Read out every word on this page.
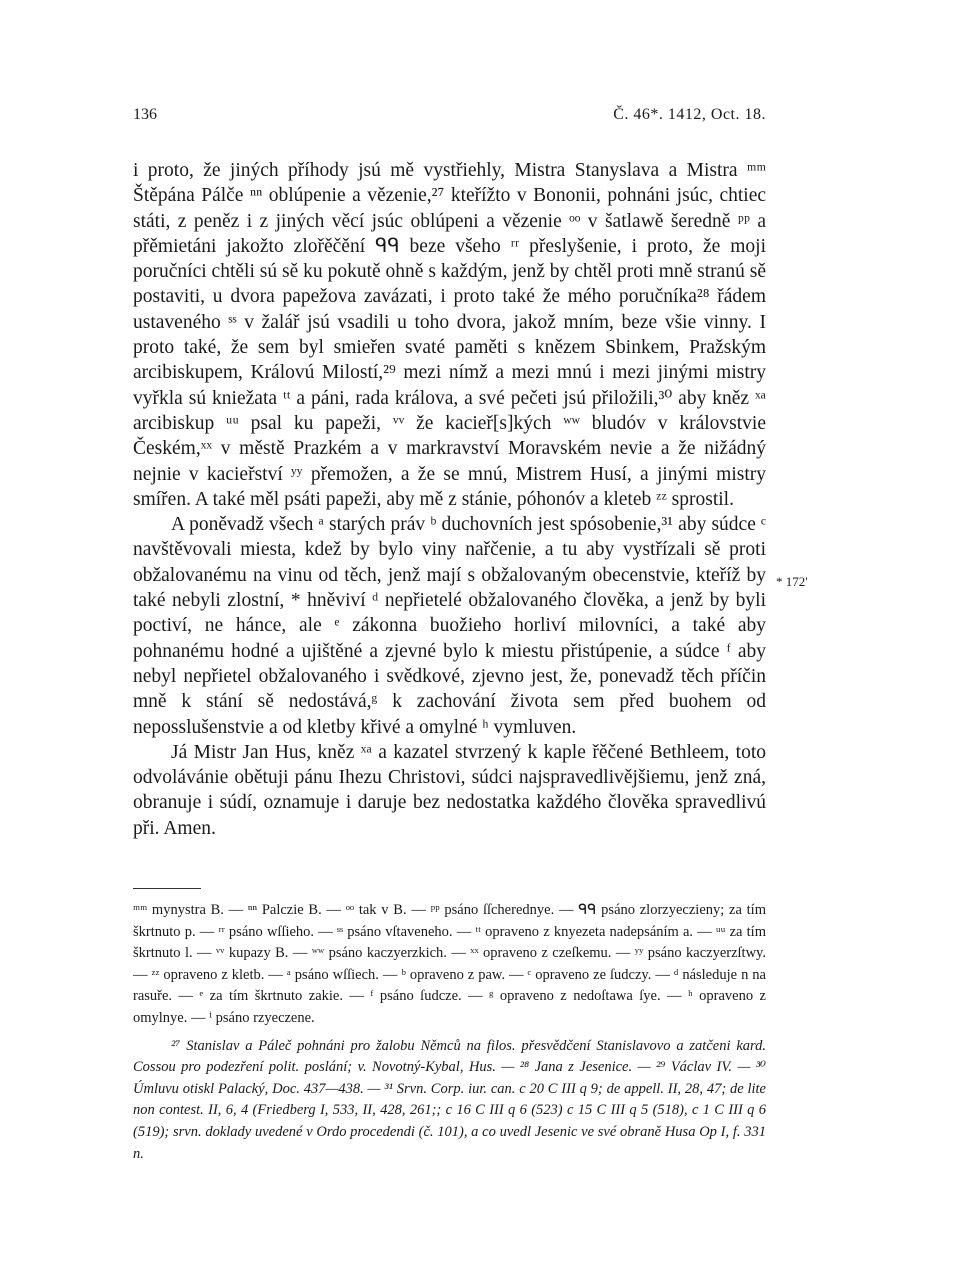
136	Č. 46*. 1412, Oct. 18.

i proto, že jiných příhody jsú mě vystřiehly, Mistra Stanyslava a Mistra ᵐᵐ Štěpána Pálče ⁿⁿ oblúpenie a vězenie,²⁷ kteřížto v Bononii, pohnáni jsúc, chtiec státi, z peněz i z jiných věcí jsúc oblúpeni a vězenie ᵒᵒ v šatlawě šeredně ᵖᵖ a přěmietáni jakožto zlořěčění ᑫᑫ beze všeho ʳʳ přeslyšenie, i proto, že moji poručníci chtěli sú sě ku pokutě ohně s každým, jenž by chtěl proti mně stranú sě postaviti, u dvora papežova zavázati, i proto také že mého poručníka²⁸ řádem ustaveného ˢˢ v žalář jsú vsadili u toho dvora, jakož mním, beze všie vinny. I proto také, že sem byl smieřen svaté paměti s knězem Sbinkem, Pražským arcibiskupem, Královú Milostí,²⁹ mezi nímž a mezi mnú i mezi jinými mistry vyřkla sú kniežata ᵗᵗ a páni, rada králova, a své pečeti jsú přiložili,³⁰ aby kněz ˣᵃ arcibiskup ᵘᵘ psal ku papeži, ᵛᵛ že kacieř[s]kých ʷʷ bludóv v královstvie Českém,ˣˣ v městě Prazkém a v markravství Moravském nevie a že nižádný nejnie v kacieřství ʸʸ přemožen, a že se mnú, Mistrem Husí, a jinými mistry smířen. A také měl psáti papeži, aby mě z stánie, póhonóv a kleteb ᶻᶻ sprostil.

A poněvadž všech ᵃ starých práv ᵇ duchovních jest spósobenie,³¹ aby súdce ᶜ navštěvovali miesta, kdež by bylo viny nařčenie, a tu aby vystřízali sě proti obžalovanému na vinu od těch, jenž mají s obžalovaným obecenstvie, kteříž by také nebyli zlostní, * hněviví ᵈ nepřietelé obžalovaného člověka, a jenž by byli poctiví, ne hánce, ale ᵉ zákonna buožieho horliví milovníci, a také aby pohnanému hodné a ujištěné a zjevné bylo k miestu přistúpenie, a súdce ᶠ aby nebyl nepřietel obžalovaného i svědkové, zjevno jest, že, ponevadž těch příčin mně k stání sě nedostává,ᵍ k zachování života sem před buohem od neposslušenstvie a od kletby křivé a omylné ʰ vymluven.

Já Mistr Jan Hus, kněz ˣᵃ a kazatel stvrzený k kaple řěčené Bethleem, toto odvolávánie obětuji pánu Ihezu Christovi, súdci najspravedlivějšiemu, jenž zná, obranuje i súdí, oznamuje i daruje bez nedostatka každého člověka spravedlivú při. Amen.

* 172'

ᵐᵐ mynystra B. — ⁿⁿ Palczie B. — ᵒᵒ tak v B. — ᵖᵖ psáno ſſcherednye. — ᑫᑫ psáno zlorzyeczieny; za tím škrtnuto p. — ʳʳ psáno wſſieho. — ˢˢ psáno vſtaveneho. — ᵗᵗ opraveno z knyezeta nadepsáním a. — ᵘᵘ za tím škrtnuto l. — ᵛᵛ kupazy B. — ʷʷ psáno kaczyerzkich. — ˣˣ opraveno z czeſkemu. — ʸʸ psáno kaczyerzſtwy. — ᶻᶻ opraveno z kletb. — ᵃ psáno wſſiech. — ᵇ opraveno z paw. — ᶜ opraveno ze ſudczy. — ᵈ následuje n na rasuře. — ᵉ za tím škrtnuto zakie. — ᶠ psáno ſudcze. — ᵍ opraveno z nedoſtawa ſye. — ʰ opraveno z omylnye. — ⁱ psáno rzyeczene.

²⁷ Stanislav a Páleč pohnáni pro žalobu Němců na filos. přesvědčení Stanislavovo a zatčeni kard. Cossou pro podezření polit. poslání; v. Novotný-Kybal, Hus. — ²⁸ Jana z Jesenice. — ²⁹ Václav IV. — ³⁰ Úmluvu otiskl Palacký, Doc. 437—438. — ³¹ Srvn. Corp. iur. can. c 20 C III q 9; de appell. II, 28, 47; de lite non contest. II, 6, 4 (Friedberg I, 533, II, 428, 261;; c 16 C III q 6 (523) c 15 C III q 5 (518), c 1 C III q 6 (519); srvn. doklady uvedené v Ordo procedendi (č. 101), a co uvedl Jesenic ve své obraně Husa Op I, f. 331 n.
